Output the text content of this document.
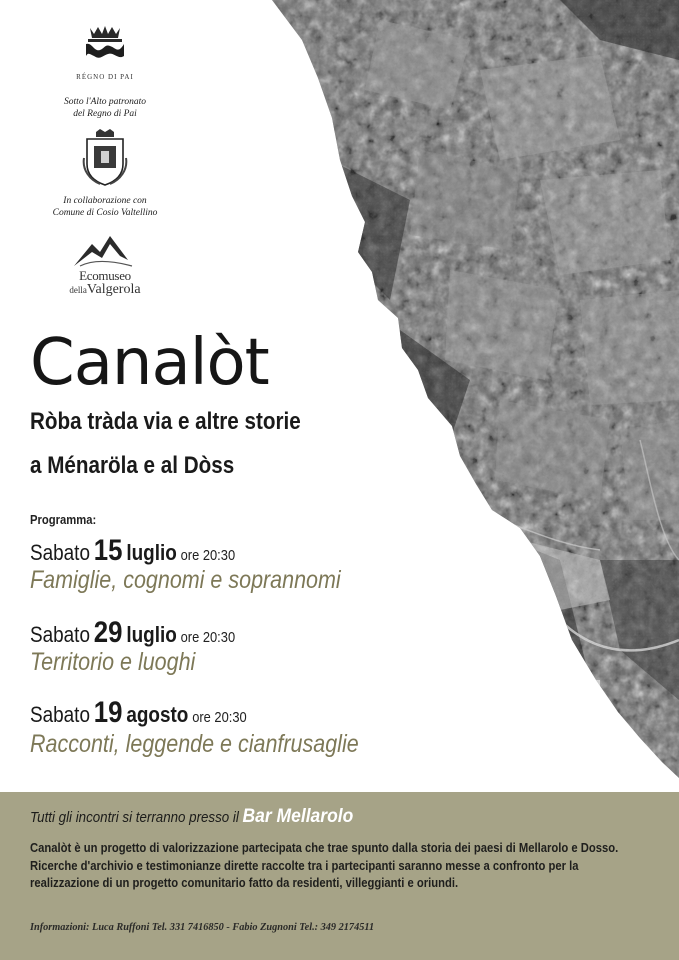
RÉGNO DI PAI
Sotto l'Alto patronato
del Regno di Pai
In collaborazione con
Comune di Cosio Valtellino
Ecomuseo
dellaValgerola
Canalòt
Ròba tràda via e altre storie
a Ménaröla e al Dòss
Programma:
Sabato 15 luglio ore 20:30
Famiglie, cognomi e soprannomi
Sabato 29 luglio ore 20:30
Territorio e luoghi
Sabato 19 agosto ore 20:30
Racconti, leggende e cianfrusaglie
Tutti gli incontri si terranno presso il Bar Mellarolo

Canalòt è un progetto di valorizzazione partecipata che trae spunto dalla storia dei paesi di Mellarolo e Dosso. Ricerche d'archivio e testimonianze dirette raccolte tra i partecipanti saranno messe a confronto per la realizzazione di un progetto comunitario fatto da residenti, villeggianti e oriundi.

Informazioni: Luca Ruffoni Tel. 331 7416850 - Fabio Zugnoni Tel.: 349 2174511
